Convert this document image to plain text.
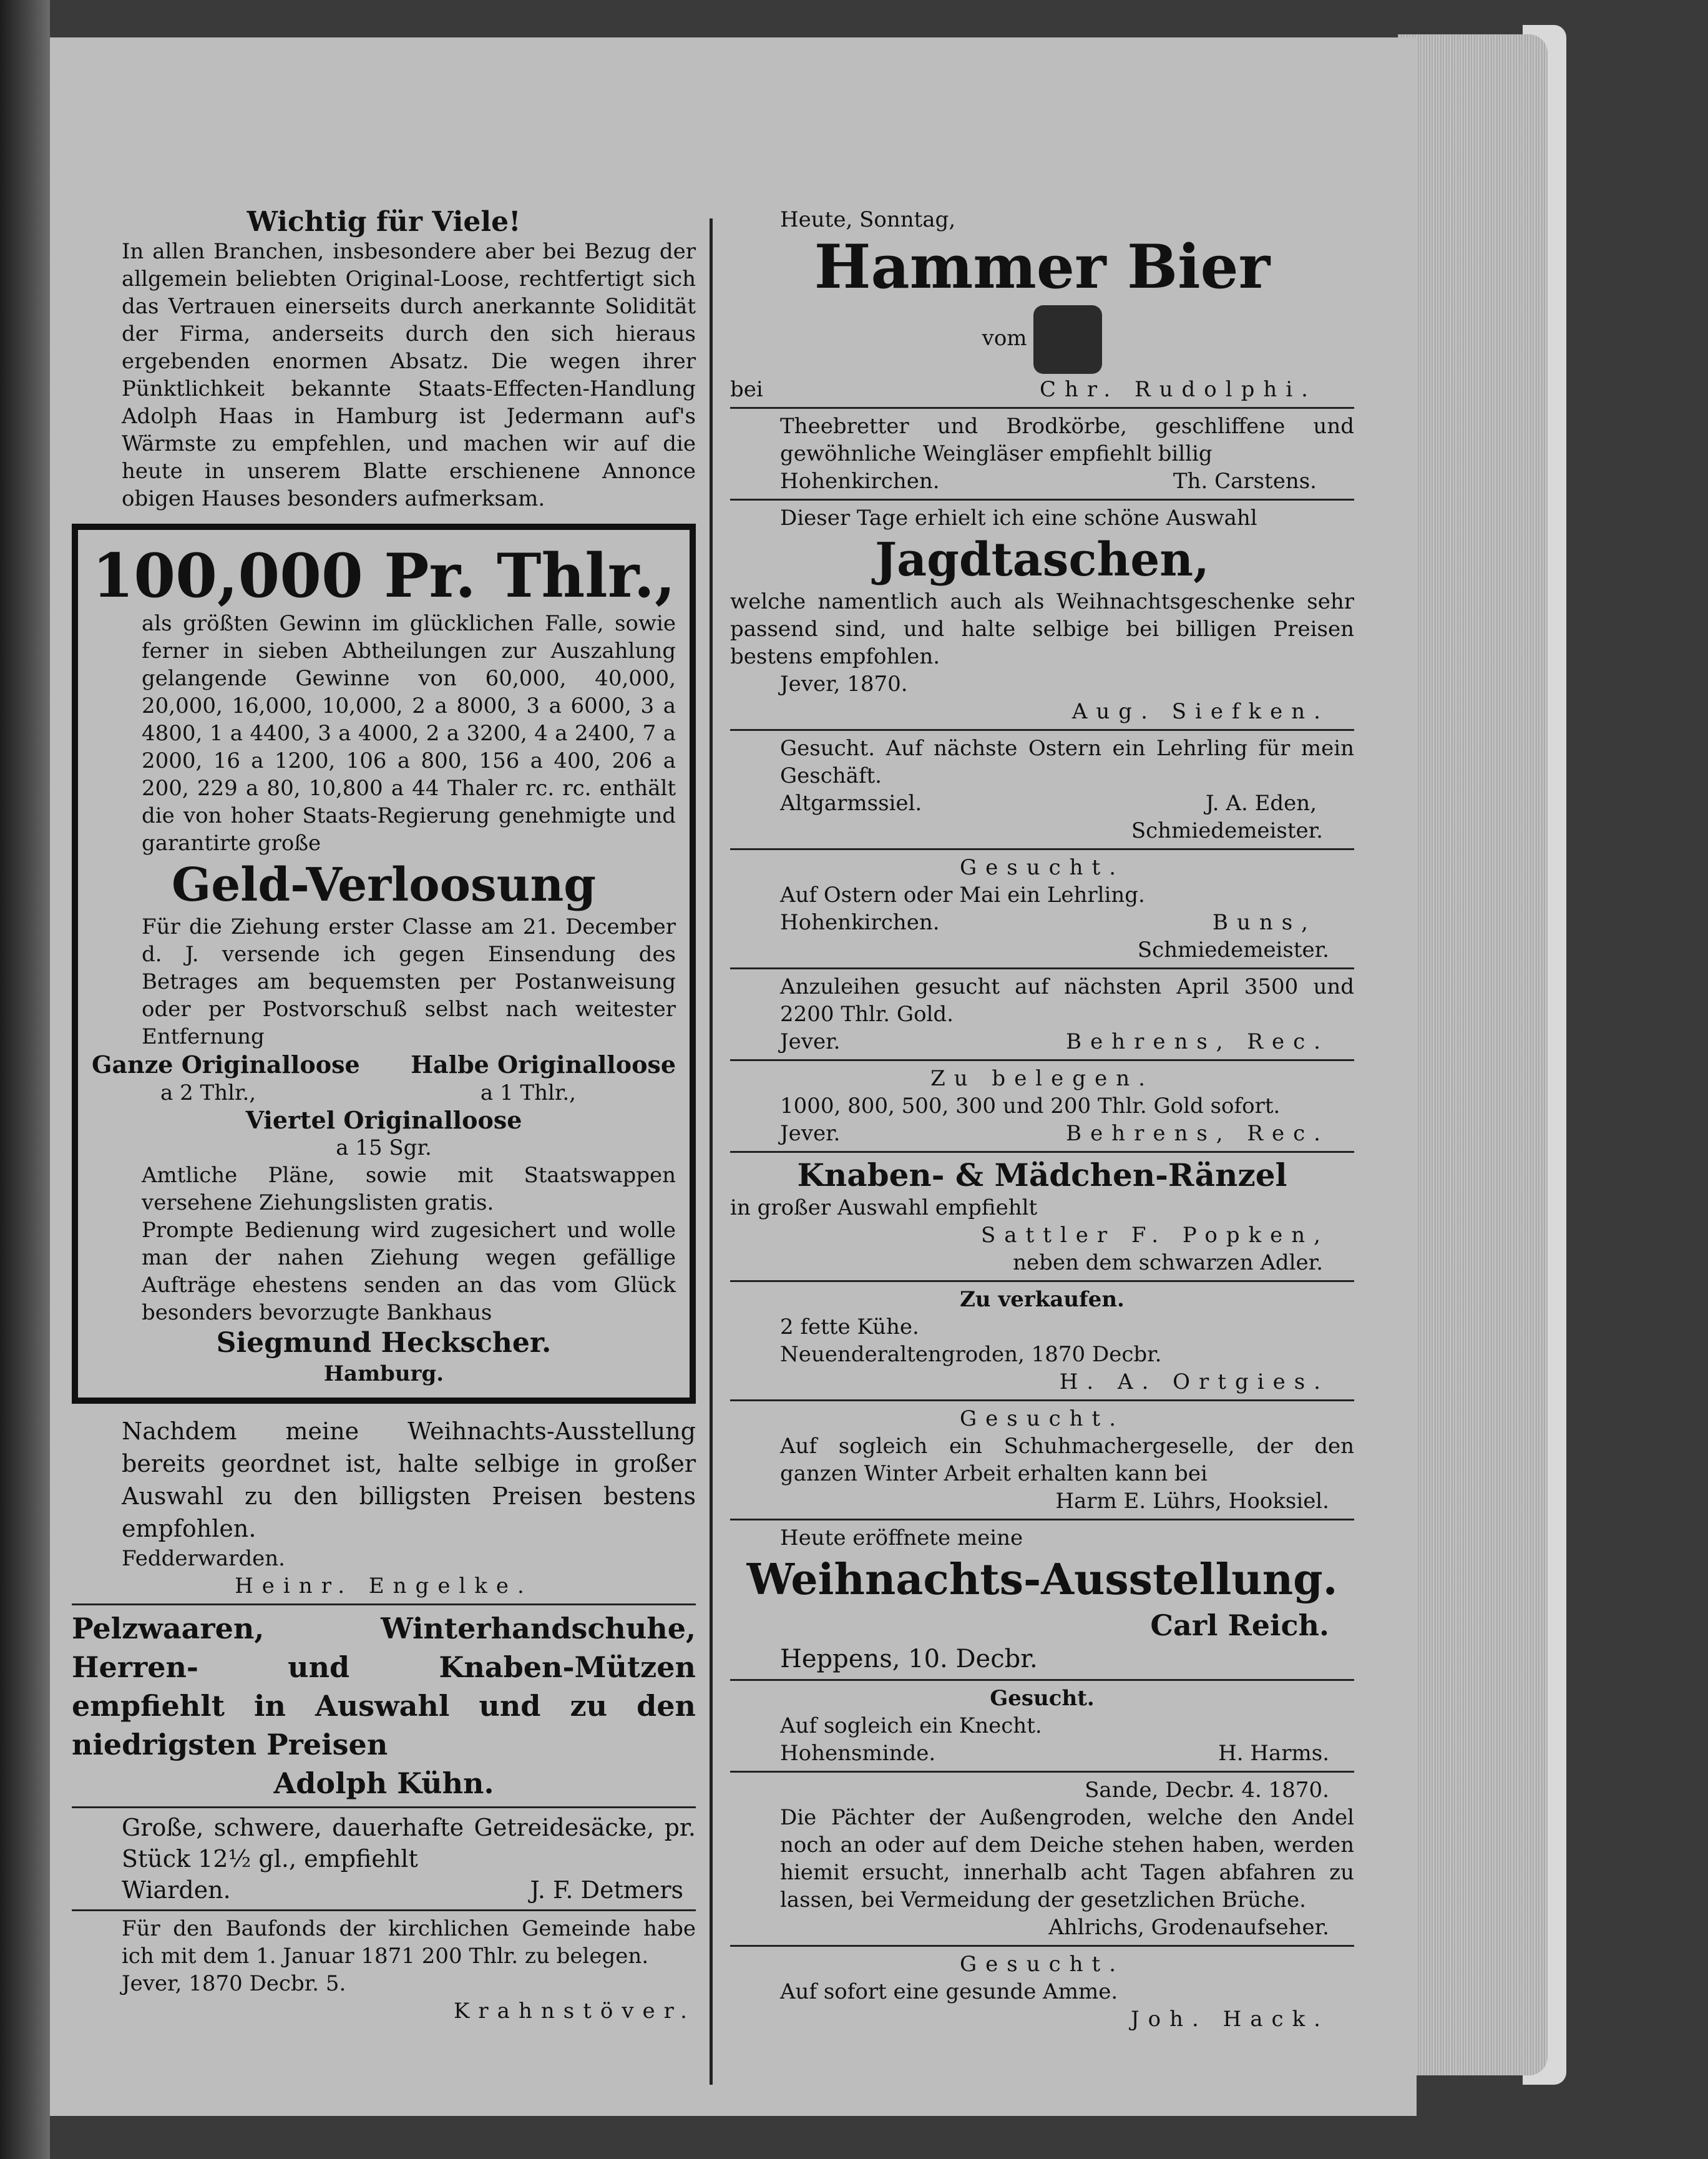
Wichtig für Viele!

In allen Branchen, insbesondere aber bei Bezug der allgemein beliebten Original-Loose, rechtfertigt sich das Vertrauen einerseits durch anerkannte Solidität der Firma, anderseits durch den sich hieraus ergebenden enormen Absatz. Die wegen ihrer Pünktlichkeit bekannte Staats-Effecten-Handlung Adolph Haas in Hamburg ist Jedermann auf's Wärmste zu empfehlen, und machen wir auf die heute in unserem Blatte erschienene Annonce obigen Hauses besonders aufmerksam.

100,000 Pr. Thlr.,

als größten Gewinn im glücklichen Falle, sowie ferner in sieben Abtheilungen zur Auszahlung gelangende Gewinne von 60,000, 40,000, 20,000, 16,000, 10,000, 2 a 8000, 3 a 6000, 3 a 4800, 1 a 4400, 3 a 4000, 2 a 3200, 4 a 2400, 7 a 2000, 16 a 1200, 106 a 800, 156 a 400, 206 a 200, 229 a 80, 10,800 a 44 Thaler rc. rc. enthält die von hoher Staats-Regierung genehmigte und garantirte große

Geld-Verloosung

Für die Ziehung erster Classe am 21. December d. J. versende ich gegen Einsendung des Betrages am bequemsten per Postanweisung oder per Postvorschuß selbst nach weitester Entfernung

Ganze Originalloose Halbe Originalloose
a 2 Thlr.,	a 1 Thlr.,

Viertel Originalloose

a 15 Sgr.

Amtliche Pläne, sowie mit Staatswappen versehene Ziehungslisten gratis.

Prompte Bedienung wird zugesichert und wolle man der nahen Ziehung wegen gefällige Aufträge ehestens senden an das vom Glück besonders bevorzugte Bankhaus

Siegmund Heckscher.

Hamburg.

Nachdem meine Weihnachts-Ausstellung bereits geordnet ist, halte selbige in großer Auswahl zu den billigsten Preisen bestens empfohlen.

Fedderwarden.

Heinr. Engelke.

Pelzwaaren, Winterhandschuhe, Herren- und Knaben-Mützen empfiehlt in Auswahl und zu den niedrigsten Preisen

Adolph Kühn.

Große, schwere, dauerhafte Getreidesäcke, pr. Stück 12½ gl., empfiehlt

Wiarden.	J. F. Detmers

Für den Baufonds der kirchlichen Gemeinde habe ich mit dem 1. Januar 1871 200 Thlr. zu belegen.

Jever, 1870 Decbr. 5.

Krahnstöver.

Heute, Sonntag,

Hammer Bier

vom

bei	Chr. Rudolphi.

Theebretter und Brodkörbe, geschliffene und gewöhnliche Weingläser empfiehlt billig

Hohenkirchen.	Th. Carstens.

Dieser Tage erhielt ich eine schöne Auswahl

Jagdtaschen,

welche namentlich auch als Weihnachtsgeschenke sehr passend sind, und halte selbige bei billigen Preisen bestens empfohlen.

Jever, 1870.

Aug. Siefken.

Gesucht. Auf nächste Ostern ein Lehrling für mein Geschäft.

Altgarmssiel.	J. A. Eden,

Schmiedemeister.

Gesucht.

Auf Ostern oder Mai ein Lehrling.

Hohenkirchen.	Buns,

Schmiedemeister.

Anzuleihen gesucht auf nächsten April 3500 und 2200 Thlr. Gold.

Jever.	Behrens, Rec.

Zu belegen.

1000, 800, 500, 300 und 200 Thlr. Gold sofort.

Jever.	Behrens, Rec.

Knaben- & Mädchen-Ränzel

in großer Auswahl empfiehlt

Sattler F. Popken,

neben dem schwarzen Adler.

Zu verkaufen.

2 fette Kühe.

Neuenderaltengroden, 1870 Decbr.

H. A. Ortgies.

Gesucht.

Auf sogleich ein Schuhmachergeselle, der den ganzen Winter Arbeit erhalten kann bei

Harm E. Lührs, Hooksiel.

Heute eröffnete meine

Weihnachts-Ausstellung.

Carl Reich.

Heppens, 10. Decbr.

Gesucht.

Auf sogleich ein Knecht.

Hohensminde.	H. Harms.

Sande, Decbr. 4. 1870.

Die Pächter der Außengroden, welche den Andel noch an oder auf dem Deiche stehen haben, werden hiemit ersucht, innerhalb acht Tagen abfahren zu lassen, bei Vermeidung der gesetzlichen Brüche.

Ahlrichs, Grodenaufseher.

Gesucht.

Auf sofort eine gesunde Amme.

Joh. Hack.
